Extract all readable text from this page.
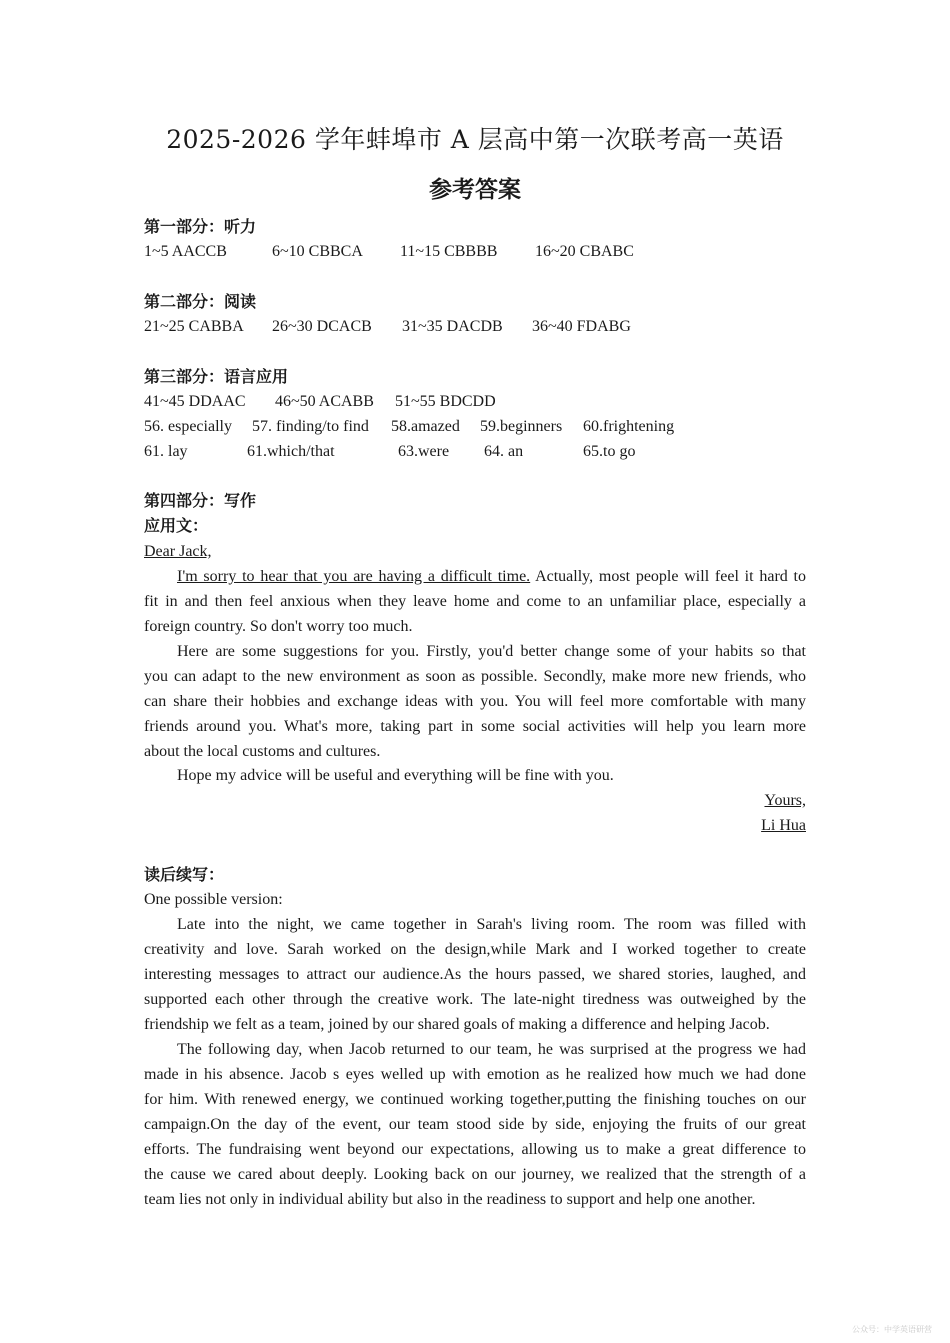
2025-2026 学年蚌埠市 A 层高中第一次联考高一英语
参考答案
第一部分：听力
1~5 AACCB	6~10 CBBCA 11~15 CBBBB 16~20 CBABC
第二部分：阅读
21~25 CABBA 26~30 DCACB 31~35 DACDB 36~40 FDABG
第三部分：语言应用
41~45 DDAAC 46~50 ACABB 51~55 BDCDD
56. especially 57. finding/to find 58.amazed 59.beginners 60.frightening
61. lay	61.which/that	63.were 64. an	65.to go
第四部分：写作
应用文：
Dear Jack,
I'm sorry to hear that you are having a difficult time. Actually, most people will feel it hard to
fit in and then feel anxious when they leave home and come to an unfamiliar place, especially a
foreign country. So don't worry too much.
Here are some suggestions for you. Firstly, you'd better change some of your habits so that
you can adapt to the new environment as soon as possible. Secondly, make more new friends, who
can share their hobbies and exchange ideas with you. You will feel more comfortable with many
friends around you. What's more, taking part in some social activities will help you learn more
about the local customs and cultures.
Hope my advice will be useful and everything will be fine with you.
Yours,
Li Hua
读后续写：
One possible version:
Late into the night, we came together in Sarah's living room. The room was filled with
creativity and love. Sarah worked on the design,while Mark and I worked together to create
interesting messages to attract our audience.As the hours passed, we shared stories, laughed, and
supported each other through the creative work. The late-night tiredness was outweighed by the
friendship we felt as a team, joined by our shared goals of making a difference and helping Jacob.
The following day, when Jacob returned to our team, he was surprised at the progress we had
made in his absence. Jacob s eyes welled up with emotion as he realized how much we had done
for him. With renewed energy, we continued working together,putting the finishing touches on our
campaign.On the day of the event, our team stood side by side, enjoying the fruits of our great
efforts. The fundraising went beyond our expectations, allowing us to make a great difference to
the cause we cared about deeply. Looking back on our journey, we realized that the strength of a
team lies not only in individual ability but also in the readiness to support and help one another.
公众号：中学英语研营
